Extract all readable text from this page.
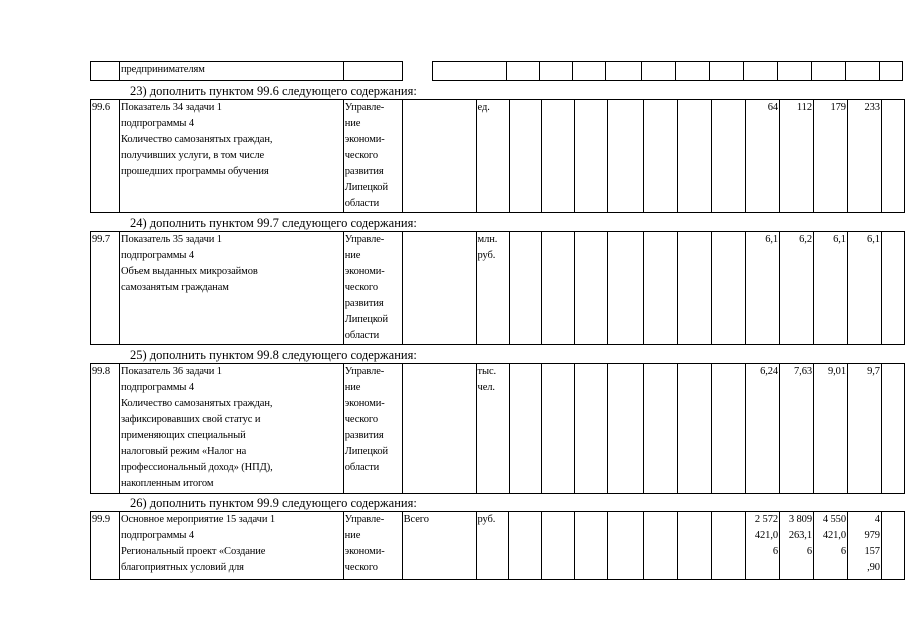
	предпринимателям															
23) дополнить пунктом 99.6 следующего содержания:
24) дополнить пунктом 99.7 следующего содержания:
25) дополнить пунктом 99.8 следующего содержания:
26) дополнить пунктом 99.9 следующего содержания:
99.6	Показатель 34 задачи 1
подпрограммы 4
Количество самозанятых граждан,
получивших услуги, в том числе
прошедших программы обучения	Управле-
ние
экономи-
ческого
развития
Липецкой
области		ед.								64	112	179	233	
99.7	Показатель 35 задачи 1
подпрограммы 4
Объем выданных микрозаймов
самозанятым гражданам	Управле-
ние
экономи-
ческого
развития
Липецкой
области		млн.
руб.								6,1	6,2	6,1	6,1	
99.8	Показатель 36 задачи 1
подпрограммы 4
Количество самозанятых граждан,
зафиксировавших свой статус и
применяющих специальный
налоговый режим «Налог на
профессиональный доход» (НПД),
накопленным итогом	Управле-
ние
экономи-
ческого
развития
Липецкой
области		тыс.
чел.								6,24	7,63	9,01	9,7	
99.9	Основное мероприятие 15 задачи 1
подпрограммы 4
Региональный проект «Создание
благоприятных условий для	Управле-
ние
экономи-
ческого	Всего	руб.								2 572
421,0
6	3 809
263,1
6	4 550
421,0
6	4
979
157
,90	
